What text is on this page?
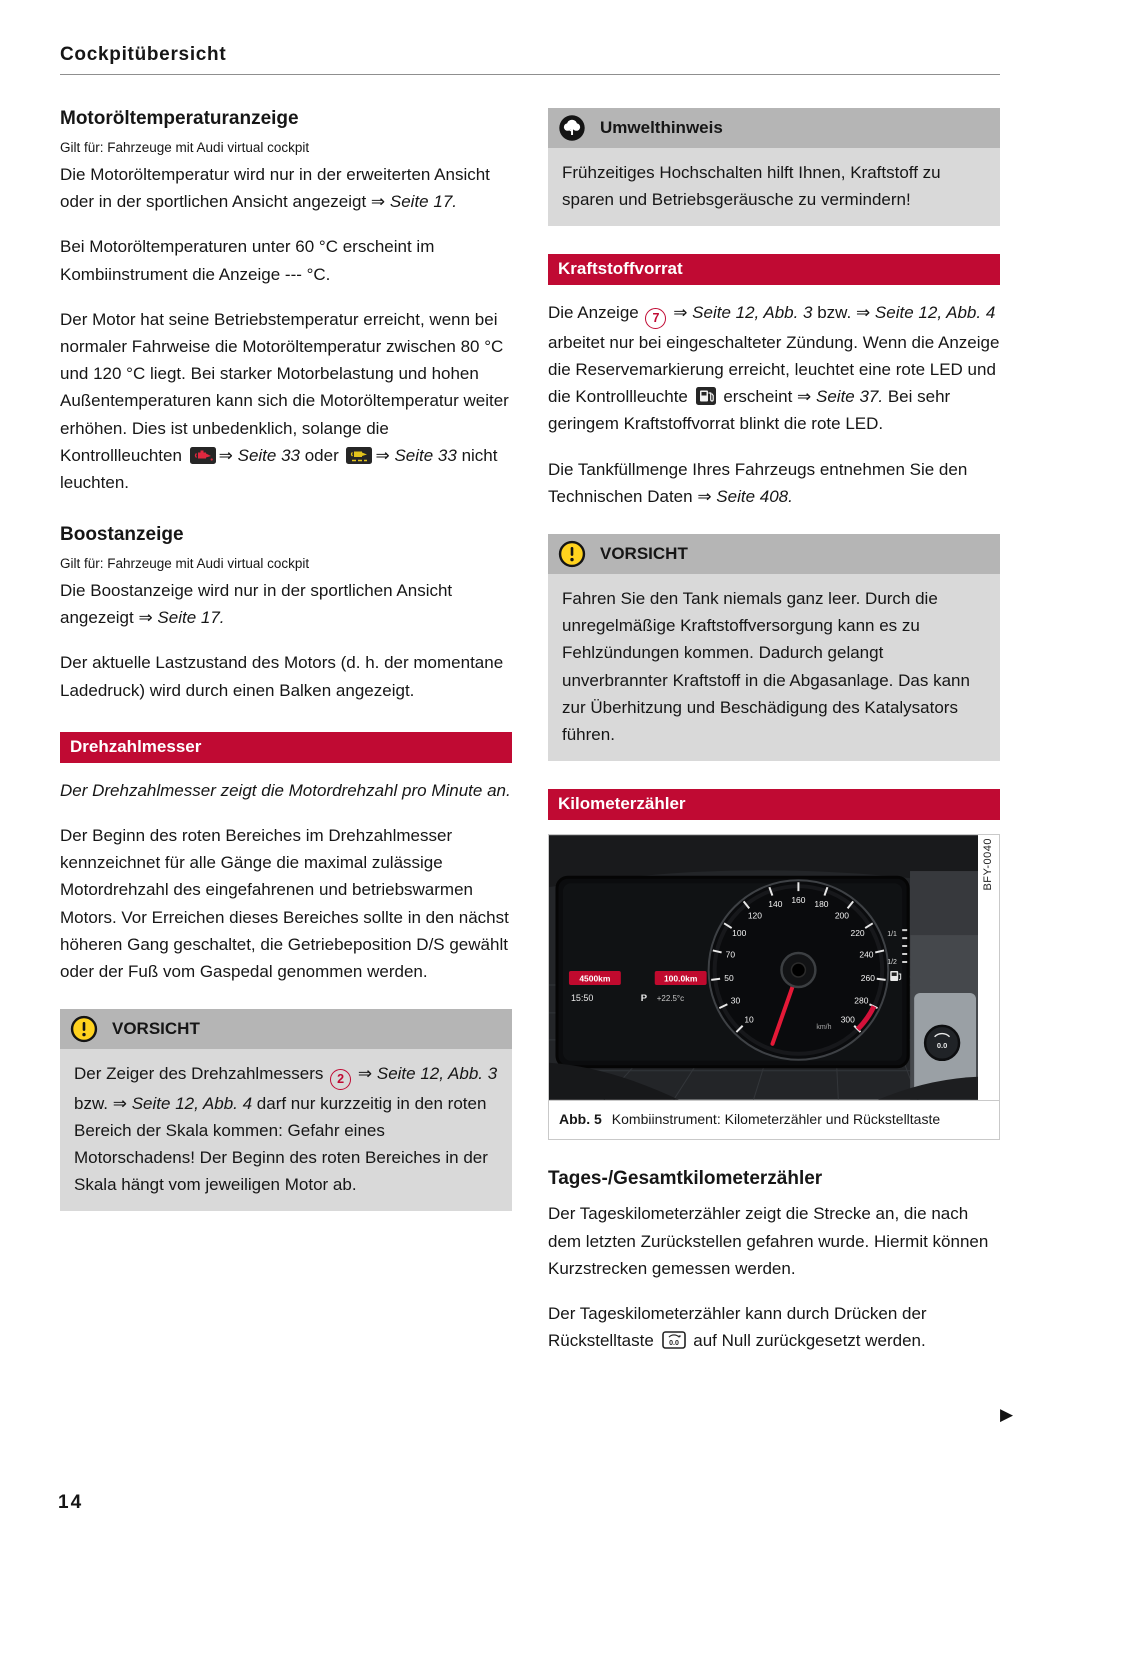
Cockpitübersicht
Motoröltemperaturanzeige
Gilt für: Fahrzeuge mit Audi virtual cockpit

Die Motoröltemperatur wird nur in der erweiterten Ansicht oder in der sportlichen Ansicht angezeigt ⇒ Seite 17.

Bei Motoröltemperaturen unter 60 °C erscheint im Kombiinstrument die Anzeige --- °C.

Der Motor hat seine Betriebstemperatur erreicht, wenn bei normaler Fahrweise die Motoröltemperatur zwischen 80 °C und 120 °C liegt. Bei starker Motorbelastung und hohen Außentemperaturen kann sich die Motoröltemperatur weiter erhöhen. Dies ist unbedenklich, solange die Kontrollleuchten
⇒ Seite 33 oder
⇒ Seite 33 nicht leuchten.

Boostanzeige
Gilt für: Fahrzeuge mit Audi virtual cockpit

Die Boostanzeige wird nur in der sportlichen Ansicht angezeigt ⇒ Seite 17.

Der aktuelle Lastzustand des Motors (d. h. der momentane Ladedruck) wird durch einen Balken angezeigt.

Drehzahlmesser

Der Drehzahlmesser zeigt die Motordrehzahl pro Minute an.

Der Beginn des roten Bereiches im Drehzahlmesser kennzeichnet für alle Gänge die maximal zulässige Motordrehzahl des eingefahrenen und betriebswarmen Motors. Vor Erreichen dieses Bereiches sollte in den nächst höheren Gang geschaltet, die Getriebeposition D/S gewählt oder der Fuß vom Gaspedal genommen werden.

VORSICHT

Der Zeiger des Drehzahlmessers 2 ⇒ Seite 12, Abb. 3 bzw. ⇒ Seite 12, Abb. 4 darf nur kurzzeitig in den roten Bereich der Skala kommen: Gefahr eines Motorschadens! Der Beginn des roten Bereiches in der Skala hängt vom jeweiligen Motor ab.

Umwelthinweis

Frühzeitiges Hochschalten hilft Ihnen, Kraftstoff zu sparen und Betriebsgeräusche zu vermindern!

Kraftstoffvorrat

Die Anzeige 7 ⇒ Seite 12, Abb. 3 bzw. ⇒ Seite 12, Abb. 4 arbeitet nur bei eingeschalteter Zündung. Wenn die Anzeige die Reservemarkierung erreicht, leuchtet eine rote LED und die Kontrollleuchte
erscheint ⇒ Seite 37. Bei sehr geringem Kraftstoffvorrat blinkt die rote LED.

Die Tankfüllmenge Ihres Fahrzeugs entnehmen Sie den Technischen Daten ⇒ Seite 408.

VORSICHT

Fahren Sie den Tank niemals ganz leer. Durch die unregelmäßige Kraftstoffversorgung kann es zu Fehlzündungen kommen. Dadurch gelangt unverbrannter Kraftstoff in die Abgasanlage. Das kann zur Überhitzung und Beschädigung des Katalysators führen.

Kilometerzähler
0.0
4500km
15:50	P
100.0km
+22.5°c
10
30
50
70
100
120
140 160 180
200
220
240
260
280
300
km/h
1/1
1/2
BFY-0040
Abb. 5 Kombiinstrument: Kilometerzähler und Rückstelltaste
Tages-/Gesamtkilometerzähler

Der Tageskilometerzähler zeigt die Strecke an, die nach dem letzten Zurückstellen gefahren wurde. Hiermit können Kurzstrecken gemessen werden.

Der Tageskilometerzähler kann durch Drücken der Rückstelltaste 0.0 auf Null zurückgesetzt werden.

▶
14
